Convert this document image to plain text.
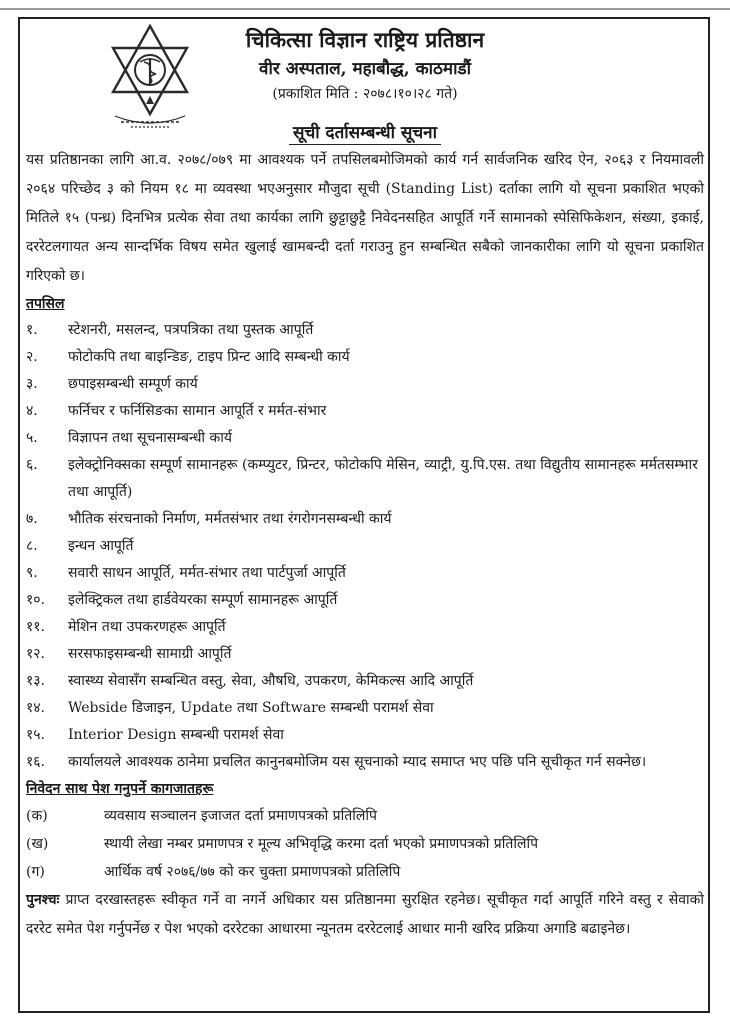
चिकित्सा विज्ञान राष्ट्रिय प्रतिष्ठान
वीर अस्पताल, महाबौद्ध, काठमाडौं
(प्रकाशित मिति : २०७८।१०।२८ गते)
सूची दर्तासम्बन्धी सूचना

यस प्रतिष्ठानका लागि आ.व. २०७८/०७९ मा आवश्यक पर्ने तपसिलबमोजिमको कार्य गर्न सार्वजनिक खरिद ऐन, २०६३ र नियमावली २०६४ परिच्छेद ३ को नियम १८ मा व्यवस्था भएअनुसार मौजुदा सूची (Standing List) दर्ताका लागि यो सूचना प्रकाशित भएको मितिले १५ (पन्ध्र) दिनभित्र प्रत्येक सेवा तथा कार्यका लागि छुट्टाछुट्टै निवेदनसहित आपूर्ति गर्ने सामानको स्पेसिफिकेशन, संख्या, इकाई, दररेटलगायत अन्य सान्दर्भिक विषय समेत खुलाई खामबन्दी दर्ता गराउनु हुन सम्बन्धित सबैको जानकारीका लागि यो सूचना प्रकाशित गरिएको छ।

तपसिल
१.	स्टेशनरी, मसलन्द, पत्रपत्रिका तथा पुस्तक आपूर्ति
२.	फोटोकपि तथा बाइन्डिङ, टाइप प्रिन्ट आदि सम्बन्धी कार्य
३.	छपाइसम्बन्धी सम्पूर्ण कार्य
४.	फर्निचर र फर्निसिङका सामान आपूर्ति र मर्मत-संभार
५.	विज्ञापन तथा सूचनासम्बन्धी कार्य
६.	इलेक्ट्रोनिक्सका सम्पूर्ण सामानहरू (कम्प्युटर, प्रिन्टर, फोटोकपि मेसिन, व्याट्री, यु.पि.एस. तथा विद्युतीय सामानहरू मर्मतसम्भार तथा आपूर्ति)
७.	भौतिक संरचनाको निर्माण, मर्मतसंभार तथा रंगरोगनसम्बन्धी कार्य
८.	इन्धन आपूर्ति
९.	सवारी साधन आपूर्ति, मर्मत-संभार तथा पार्टपुर्जा आपूर्ति
१०.	इलेक्ट्रिकल तथा हार्डवेयरका सम्पूर्ण सामानहरू आपूर्ति
११.	मेशिन तथा उपकरणहरू आपूर्ति
१२.	सरसफाइसम्बन्धी सामाग्री आपूर्ति
१३.	स्वास्थ्य सेवासँग सम्बन्धित वस्तु, सेवा, औषधि, उपकरण, केमिकल्स आदि आपूर्ति
१४.	Webside डिजाइन, Update तथा Software सम्बन्धी परामर्श सेवा
१५.	Interior Design सम्बन्धी परामर्श सेवा
१६.	कार्यालयले आवश्यक ठानेमा प्रचलित कानुनबमोजिम यस सूचनाको म्याद समाप्त भए पछि पनि सूचीकृत गर्न सक्नेछ।
निवेदन साथ पेश गनुपर्ने कागजातहरू
(क)	व्यवसाय सञ्चालन इजाजत दर्ता प्रमाणपत्रको प्रतिलिपि
(ख)	स्थायी लेखा नम्बर प्रमाणपत्र र मूल्य अभिवृद्धि करमा दर्ता भएको प्रमाणपत्रको प्रतिलिपि
(ग)	आर्थिक वर्ष २०७६/७७ को कर चुक्ता प्रमाणपत्रको प्रतिलिपि

पुनश्चः प्राप्त दरखास्तहरू स्वीकृत गर्ने वा नगर्ने अधिकार यस प्रतिष्ठानमा सुरक्षित रहनेछ। सूचीकृत गर्दा आपूर्ति गरिने वस्तु र सेवाको दररेट समेत पेश गर्नुपर्नेछ र पेश भएको दररेटका आधारमा न्यूनतम दररेटलाई आधार मानी खरिद प्रक्रिया अगाडि बढाइनेछ।
